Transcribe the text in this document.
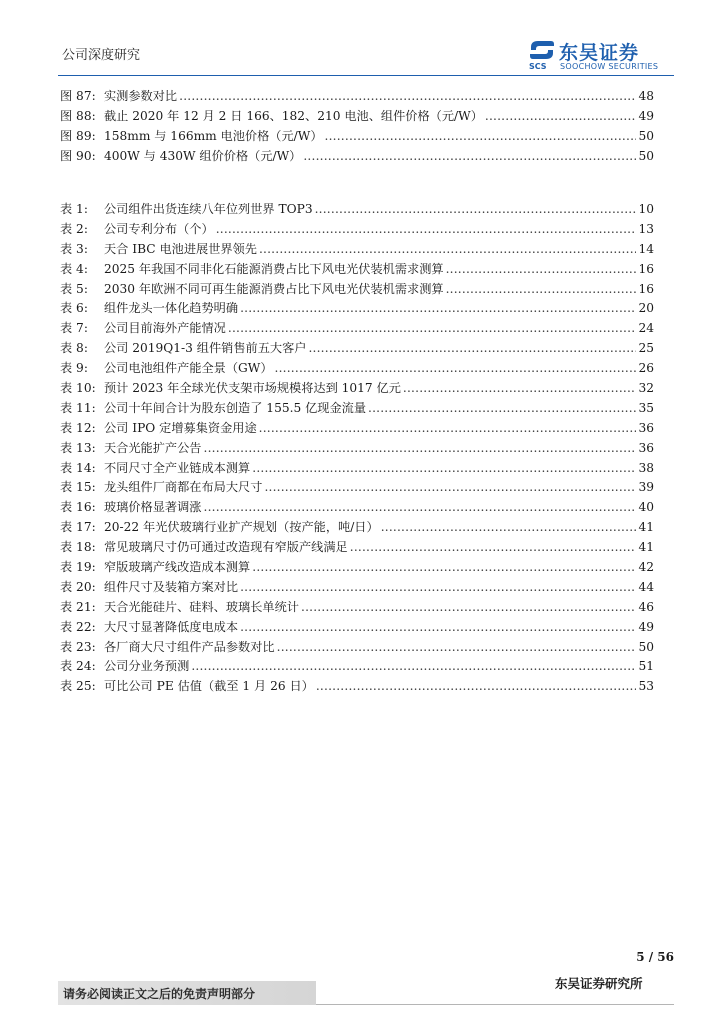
公司深度研究
SCS
东吴证券
SOOCHOW SECURITIES
图 87: 实测参数对比 .....	48
图 88: 截止 2020 年 12 月 2 日 166、182、210 电池、组件价格（元/W） .....	49
图 89: 158mm 与 166mm 电池价格（元/W） .....	50
图 90: 400W 与 430W 组价价格（元/W） .....	50
表 1:	公司组件出货连续八年位列世界 TOP3 .....	10
表 2:	公司专利分布（个） .....	13
表 3:	天合 IBC 电池进展世界领先 .....	14
表 4:	2025 年我国不同非化石能源消费占比下风电光伏装机需求测算 .....	16
表 5:	2030 年欧洲不同可再生能源消费占比下风电光伏装机需求测算 .....	16
表 6:	组件龙头一体化趋势明确 .....	20
表 7:	公司目前海外产能情况 .....	24
表 8:	公司 2019Q1-3 组件销售前五大客户 .....	25
表 9:	公司电池组件产能全景（GW） .....	26
表 10: 预计 2023 年全球光伏支架市场规模将达到 1017 亿元 .....	32
表 11: 公司十年间合计为股东创造了 155.5 亿现金流量 .....	35
表 12: 公司 IPO 定增募集资金用途 .....	36
表 13: 天合光能扩产公告 .....	36
表 14: 不同尺寸全产业链成本测算 .....	38
表 15: 龙头组件厂商都在布局大尺寸 .....	39
表 16: 玻璃价格显著调涨 .....	40
表 17: 20-22 年光伏玻璃行业扩产规划（按产能，吨/日） .....	41
表 18: 常见玻璃尺寸仍可通过改造现有窄版产线满足 .....	41
表 19: 窄版玻璃产线改造成本测算 .....	42
表 20: 组件尺寸及装箱方案对比 .....	44
表 21: 天合光能硅片、硅料、玻璃长单统计 .....	46
表 22: 大尺寸显著降低度电成本 .....	49
表 23: 各厂商大尺寸组件产品参数对比 .....	50
表 24: 公司分业务预测 .....	51
表 25: 可比公司 PE 估值（截至 1 月 26 日） .....	53
5 / 56
请务必阅读正文之后的免责声明部分
东吴证券研究所
